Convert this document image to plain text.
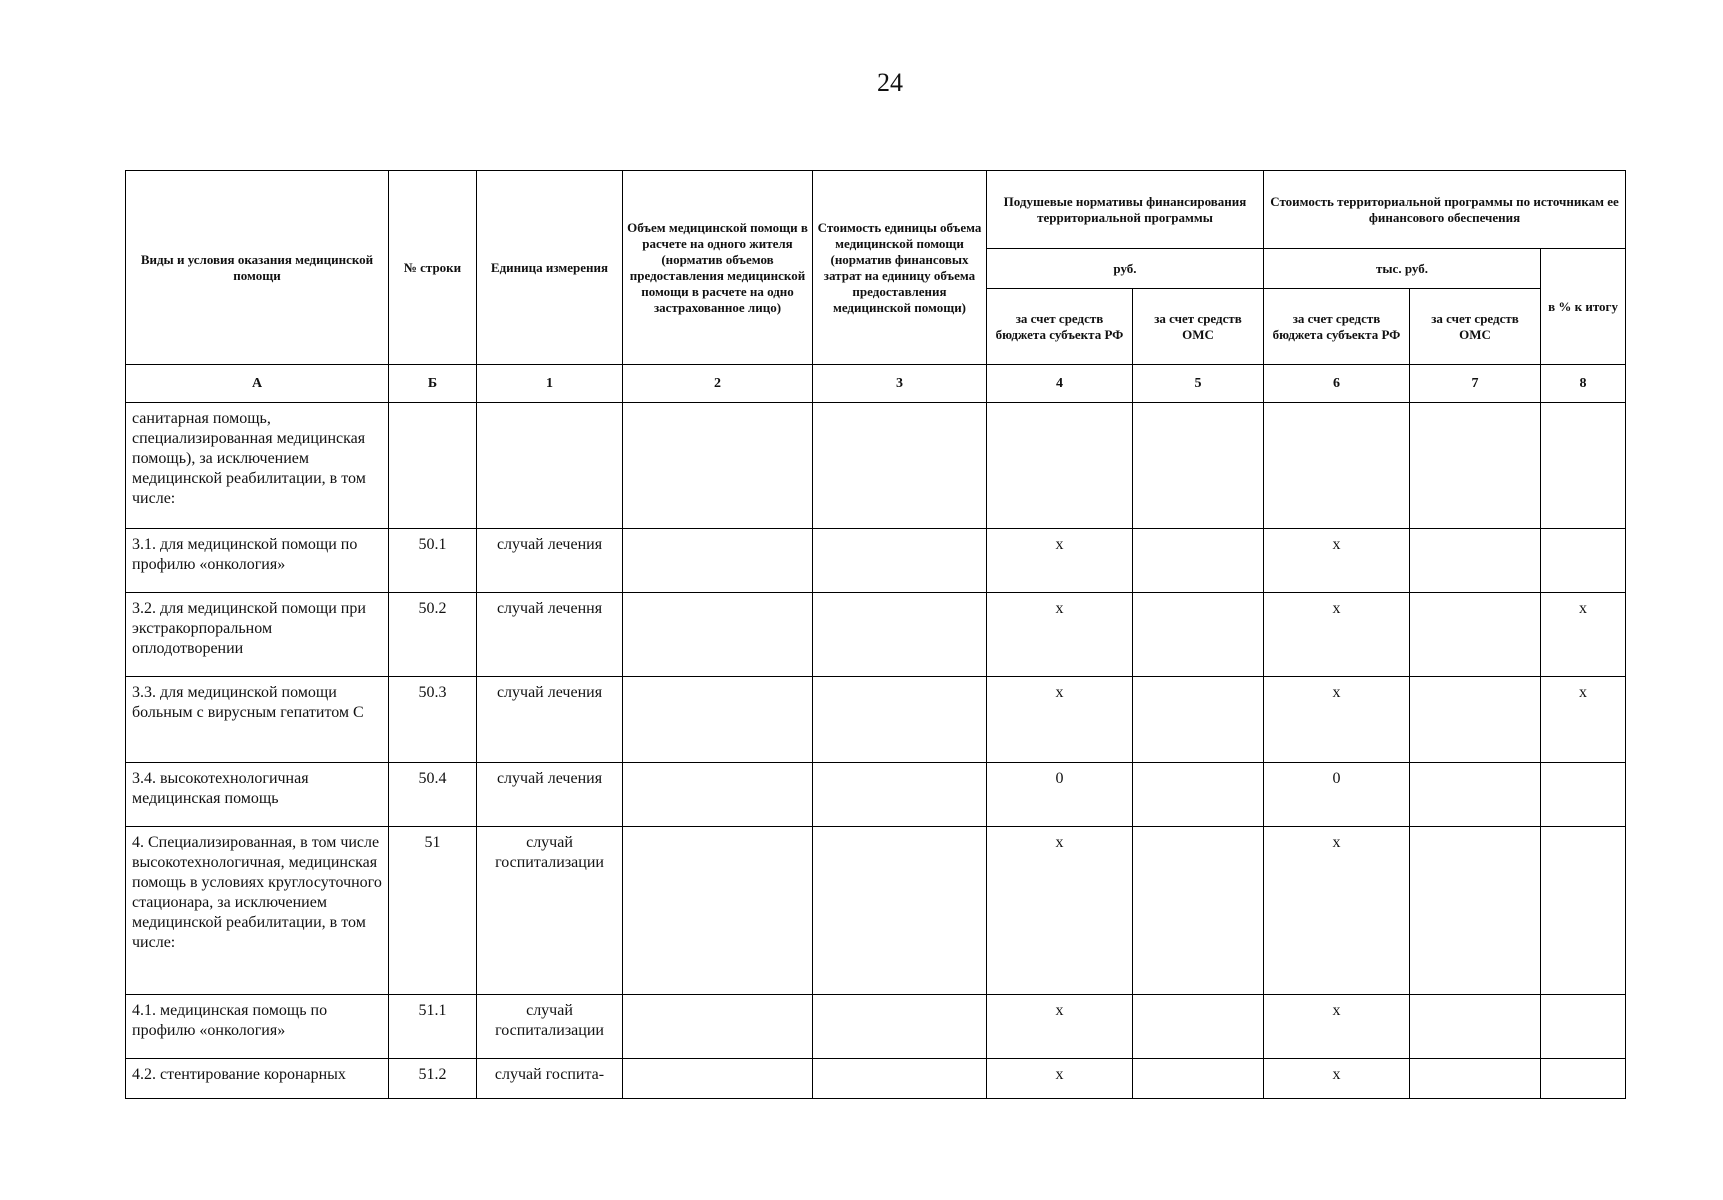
24
Виды и условия оказания медицинской помощи	№ строки	Единица измерения	Объем медицинской помощи в расчете на одного жителя (норматив объемов предоставления медицинской помощи в расчете на одно застрахованное лицо)	Стоимость единицы объема медицинской помощи (норматив финансовых затрат на единицу объема предоставления медицинской помощи)	Подушевые нормативы финансирования территориальной программы		Стоимость территориальной программы по источникам ее финансового обеспечения		
					руб.		тыс. руб.		в % к итогу
					за счет средств бюджета субъекта РФ	за счет средств ОМС	за счет средств бюджета субъекта РФ	за счет средств ОМС	
А	Б	1	2	3	4	5	6	7	8
санитарная помощь, специализированная медицинская помощь), за исключением медицинской реабилитации, в том числе:									
3.1. для медицинской помощи по профилю «онкология»	50.1	случай лечения			x		x		
3.2. для медицинской помощи при экстракорпоральном оплодотворении	50.2	случай лечення			x		x		x
3.3. для медицинской помощи больным с вирусным гепатитом С	50.3	случай лечения			x		x		x
3.4. высокотехнологичная медицинская помощь	50.4	случай лечения			0		0		
4. Специализированная, в том числе высокотехнологичная, медицинская помощь в условиях круглосуточного стационара, за исключением медицинской реабилитации, в том числе:	51	случай госпитализации			x		x		
4.1. медицинская помощь по профилю «онкология»	51.1	случай госпитализации			x		x		
4.2. стентирование коронарных	51.2	случай госпита-			x		x		
